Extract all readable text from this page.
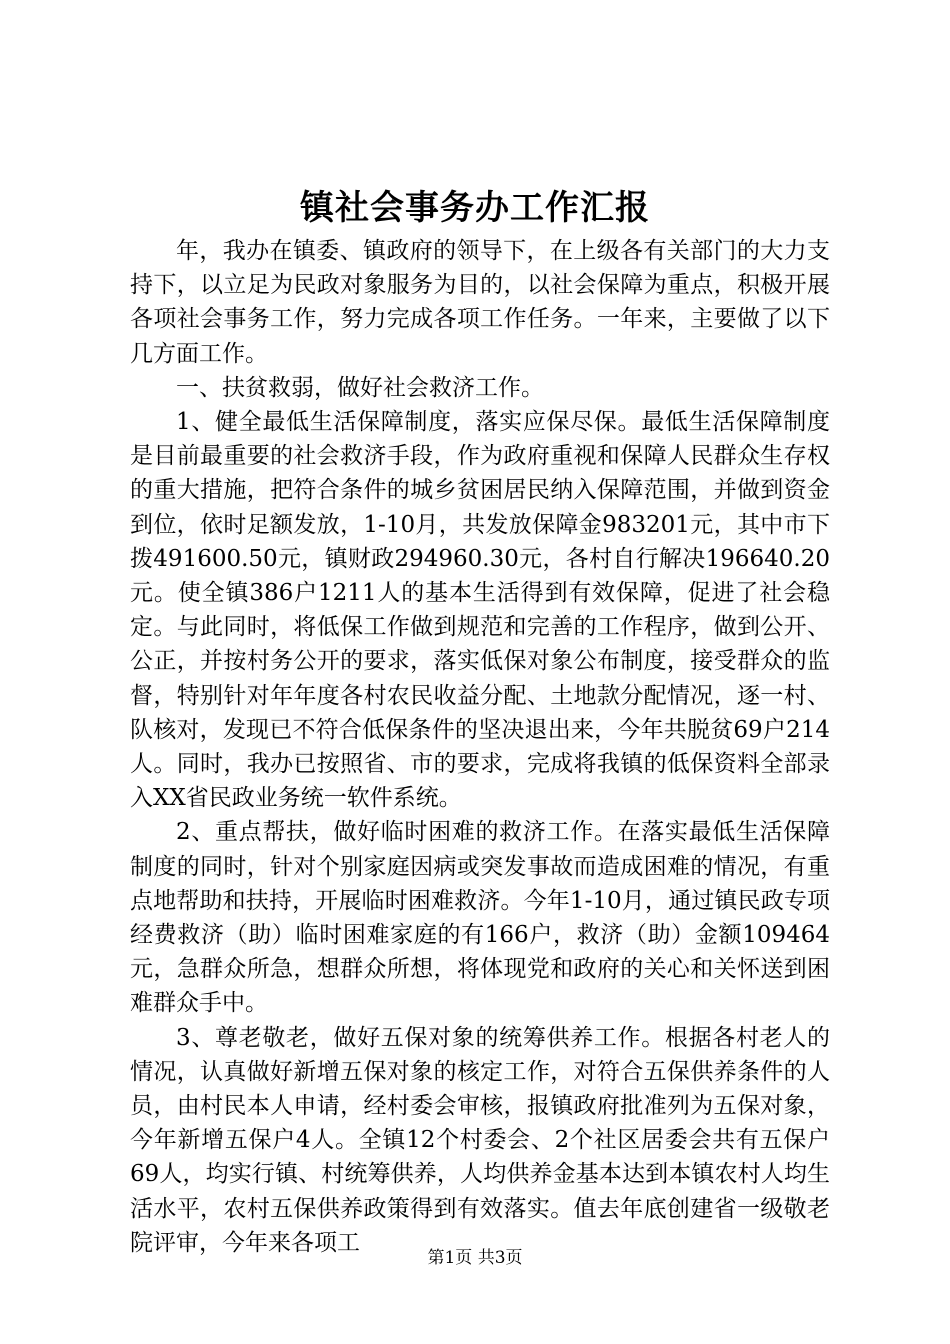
镇社会事务办工作汇报

年，我办在镇委、镇政府的领导下，在上级各有关部门的大力支持下，以立足为民政对象服务为目的，以社会保障为重点，积极开展各项社会事务工作，努力完成各项工作任务。一年来，主要做了以下几方面工作。

一、扶贫救弱，做好社会救济工作。

1、健全最低生活保障制度，落实应保尽保。最低生活保障制度是目前最重要的社会救济手段，作为政府重视和保障人民群众生存权的重大措施，把符合条件的城乡贫困居民纳入保障范围，并做到资金到位，依时足额发放，1-10月，共发放保障金983201元，其中市下拨491600.50元，镇财政294960.30元，各村自行解决196640.20元。使全镇386户1211人的基本生活得到有效保障，促进了社会稳定。与此同时，将低保工作做到规范和完善的工作程序，做到公开、公正，并按村务公开的要求，落实低保对象公布制度，接受群众的监督，特别针对年年度各村农民收益分配、土地款分配情况，逐一村、队核对，发现已不符合低保条件的坚决退出来，今年共脱贫69户214人。同时，我办已按照省、市的要求，完成将我镇的低保资料全部录入XX省民政业务统一软件系统。

2、重点帮扶，做好临时困难的救济工作。在落实最低生活保障制度的同时，针对个别家庭因病或突发事故而造成困难的情况，有重点地帮助和扶持，开展临时困难救济。今年1-10月，通过镇民政专项经费救济（助）临时困难家庭的有166户，救济（助）金额109464元，急群众所急，想群众所想，将体现党和政府的关心和关怀送到困难群众手中。

3、尊老敬老，做好五保对象的统筹供养工作。根据各村老人的情况，认真做好新增五保对象的核定工作，对符合五保供养条件的人员，由村民本人申请，经村委会审核，报镇政府批准列为五保对象，今年新增五保户4人。全镇12个村委会、2个社区居委会共有五保户69人，均实行镇、村统筹供养，人均供养金基本达到本镇农村人均生活水平，农村五保供养政策得到有效落实。值去年底创建省一级敬老院评审，今年来各项工

第1页 共3页
